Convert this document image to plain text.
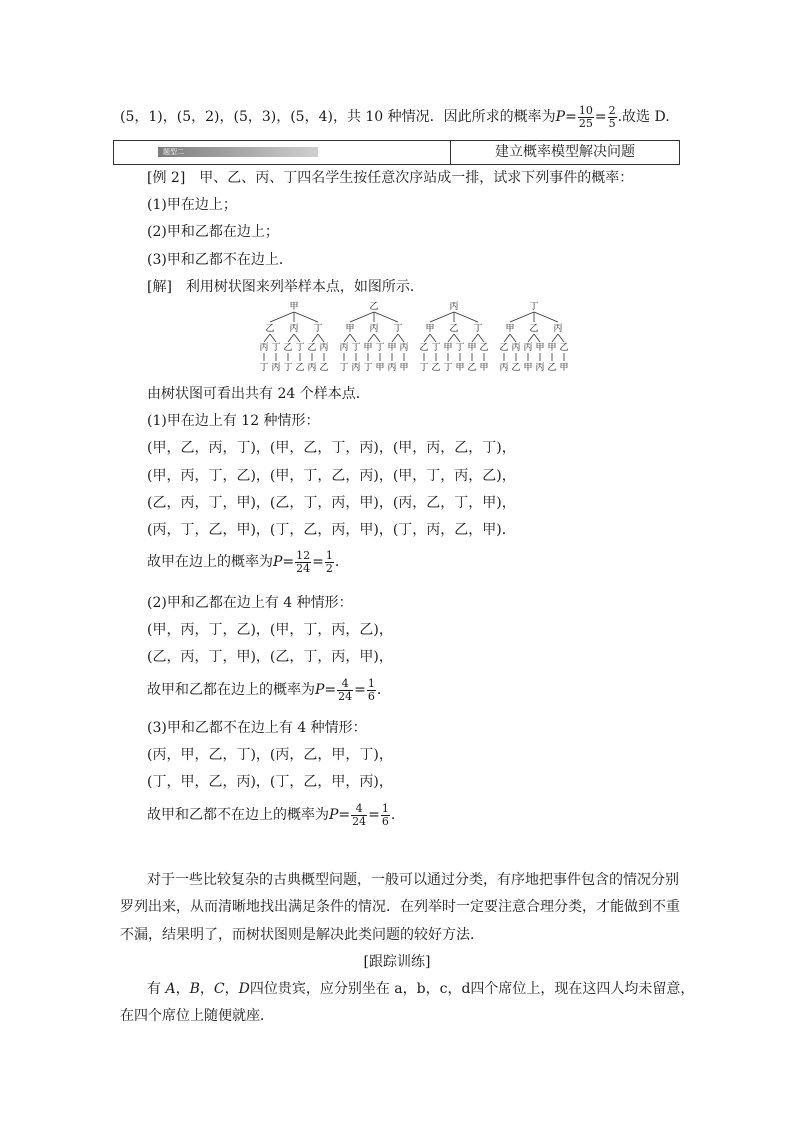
(5，1)，(5，2)，(5，3)，(5，4)，共 10 种情况．因此所求的概率为$P= \frac{10}{25} = \frac{2}{5}$ .故选 D.
题型二	建立概率模型解决问题
[例 2]　甲、乙、丙、丁四名学生按任意次序站成一排，试求下列事件的概率：
(1)甲在边上；
(2)甲和乙都在边上；
(3)甲和乙都不在边上．
[解]　利用树状图来列举样本点，如图所示．
甲
乙
丙
丁
丁
丙
丙
乙
丁
丁
乙
丁
乙
丙
丙
乙
乙
甲
丙
丁
丁
丙
丙
甲
丁
丁
甲
丁
甲
丙
丙
甲
丙
甲
乙
丁
丁
乙
乙
甲
丁
丁
甲
丁
甲
乙
乙
甲
丁
甲
乙
丙
丙
乙
乙
丙
甲
甲
丙
丙
甲
乙
乙
甲
由树状图可看出共有 24 个样本点．
(1)甲在边上有 12 种情形：
(甲，乙，丙，丁)，(甲，乙，丁，丙)，(甲，丙，乙，丁)，
(甲，丙，丁，乙)，(甲，丁，乙，丙)，(甲，丁，丙，乙)，
(乙，丙，丁，甲)，(乙，丁，丙，甲)，(丙，乙，丁，甲)，
(丙，丁，乙，甲)，(丁，乙，丙，甲)，(丁，丙，乙，甲)．
故甲在边上的概率为$P= \frac{12}{24} = \frac{1}{2}$ .
(2)甲和乙都在边上有 4 种情形：
(甲，丙，丁，乙)，(甲，丁，丙，乙)，
(乙，丙，丁，甲)，(乙，丁，丙，甲)，
故甲和乙都在边上的概率为$P= \frac{4}{24} = \frac{1}{6}$ .
(3)甲和乙都不在边上有 4 种情形：
(丙，甲，乙，丁)，(丙，乙，甲，丁)，
(丁，甲，乙，丙)，(丁，乙，甲，丙)，
故甲和乙都不在边上的概率为$P= \frac{4}{24} = \frac{1}{6}$ .
对于一些比较复杂的古典概型问题，一般可以通过分类，有序地把事件包含的情况分别
罗列出来，从而清晰地找出满足条件的情况．在列举时一定要注意合理分类，才能做到不重
不漏，结果明了，而树状图则是解决此类问题的较好方法．
[跟踪训练]
有 A，B，C，D四位贵宾，应分别坐在 a，b，c，d四个席位上，现在这四人均未留意，
在四个席位上随便就座．
